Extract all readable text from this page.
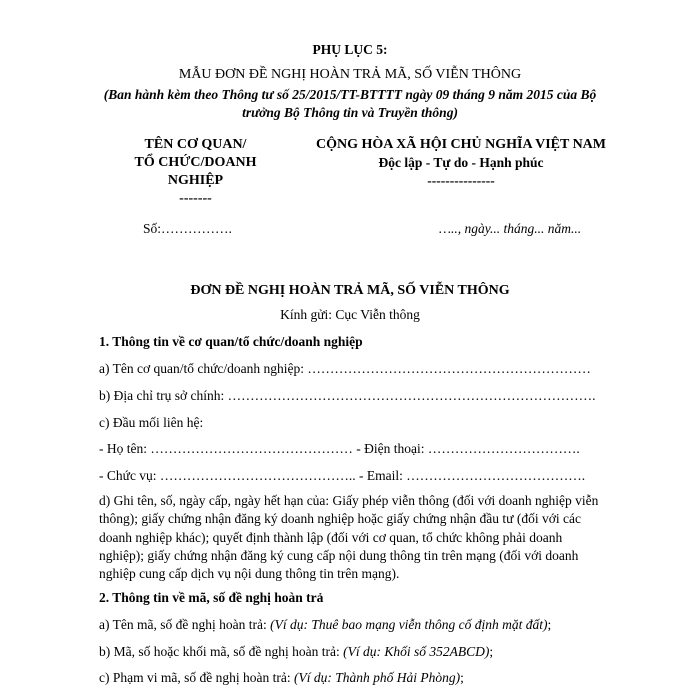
PHỤ LỤC 5:
MẪU ĐƠN ĐỀ NGHỊ HOÀN TRẢ MÃ, SỐ VIỄN THÔNG
(Ban hành kèm theo Thông tư số 25/2015/TT-BTTTT ngày 09 tháng 9 năm 2015 của Bộ
trưởng Bộ Thông tin và Truyền thông)
TÊN CƠ QUAN/
TỔ CHỨC/DOANH
NGHIỆP
-------
CỘNG HÒA XÃ HỘI CHỦ NGHĨA VIỆT NAM
Độc lập - Tự do - Hạnh phúc
---------------
Số:…………….	….., ngày... tháng... năm...
ĐƠN ĐỀ NGHỊ HOÀN TRẢ MÃ, SỐ VIỄN THÔNG
Kính gửi: Cục Viễn thông
1. Thông tin về cơ quan/tổ chức/doanh nghiệp
a) Tên cơ quan/tổ chức/doanh nghiệp: ………………………………………………………
b) Địa chỉ trụ sở chính: ……………………………………………………………………….
c) Đầu mối liên hệ:
- Họ tên: ……………………………………… - Điện thoại: …………………………….
- Chức vụ: …………………………………….. - Email: ………………………………….
d) Ghi tên, số, ngày cấp, ngày hết hạn của: Giấy phép viễn thông (đối với doanh nghiệp viễn
thông); giấy chứng nhận đăng ký doanh nghiệp hoặc giấy chứng nhận đầu tư (đối với các
doanh nghiệp khác); quyết định thành lập (đối với cơ quan, tổ chức không phải doanh
nghiệp); giấy chứng nhận đăng ký cung cấp nội dung thông tin trên mạng (đối với doanh
nghiệp cung cấp dịch vụ nội dung thông tin trên mạng).
2. Thông tin về mã, số đề nghị hoàn trả
a) Tên mã, số đề nghị hoàn trả: (Ví dụ: Thuê bao mạng viễn thông cố định mặt đất);
b) Mã, số hoặc khối mã, số đề nghị hoàn trả: (Ví dụ: Khối số 352ABCD);
c) Phạm vi mã, số đề nghị hoàn trả: (Ví dụ: Thành phố Hải Phòng);
